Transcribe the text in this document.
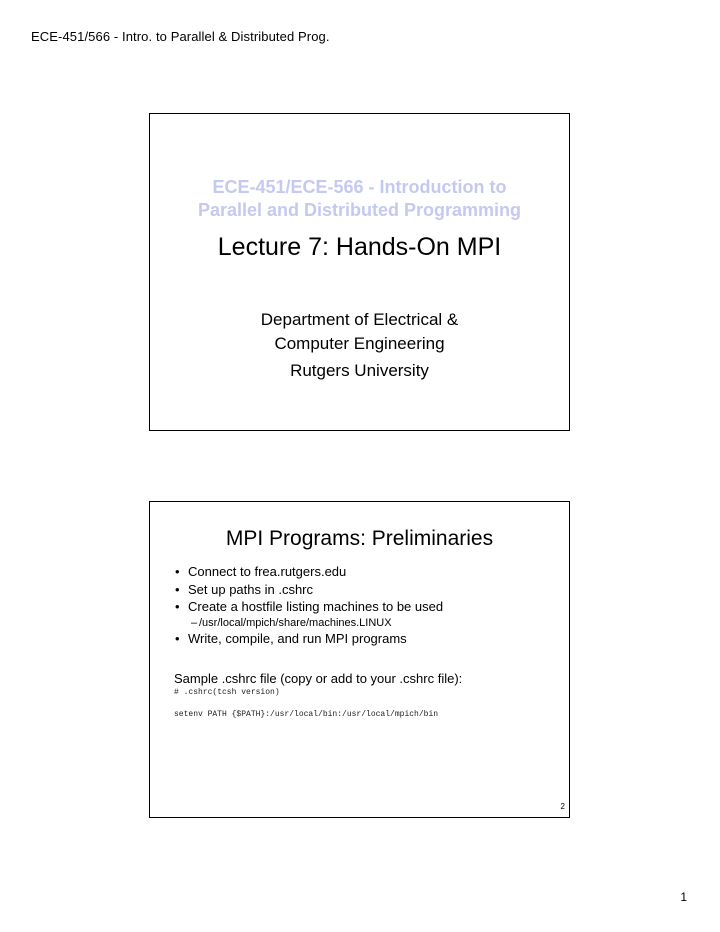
ECE-451/566 - Intro. to Parallel & Distributed Prog.
ECE-451/ECE-566 - Introduction to
Parallel and Distributed Programming
Lecture 7: Hands-On MPI
Department of Electrical &
Computer Engineering
Rutgers University
MPI Programs: Preliminaries
• Connect to frea.rutgers.edu
• Set up paths in .cshrc
• Create a hostfile listing machines to be used
– /usr/local/mpich/share/machines.LINUX
• Write, compile, and run MPI programs
Sample .cshrc file (copy or add to your .cshrc file):
# .cshrc(tcsh version)
setenv PATH {$PATH}:/usr/local/bin:/usr/local/mpich/bin
2
1
